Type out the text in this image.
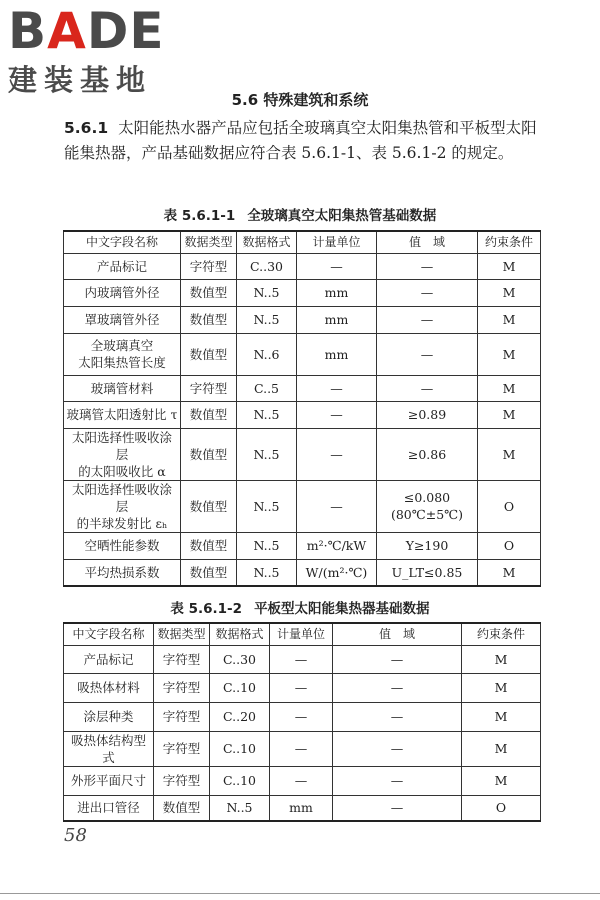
BADE
建装基地
5.6 特殊建筑和系统
5.6.1 太阳能热水器产品应包括全玻璃真空太阳集热管和平板型太阳能集热器，产品基础数据应符合表 5.6.1-1、表 5.6.1-2 的规定。
表 5.6.1-1 全玻璃真空太阳集热管基础数据
中文字段名称	数据类型	数据格式	计量单位	值　域	约束条件
产品标记	字符型	C..30	—	—	M
内玻璃管外径	数值型	N..5	mm	—	M
罩玻璃管外径	数值型	N..5	mm	—	M
全玻璃真空
太阳集热管长度	数值型	N..6	mm	—	M
玻璃管材料	字符型	C..5	—	—	M
玻璃管太阳透射比 τ	数值型	N..5	—	≥0.89	M
太阳选择性吸收涂层
的太阳吸收比 α	数值型	N..5	—	≥0.86	M
太阳选择性吸收涂层
的半球发射比 εₕ	数值型	N..5	—	≤0.080
(80℃±5℃)	O
空晒性能参数	数值型	N..5	m²·℃/kW	Y≥190	O
平均热损系数	数值型	N..5	W/(m²·℃)	U_LT≤0.85	M
表 5.6.1-2 平板型太阳能集热器基础数据
中文字段名称	数据类型	数据格式	计量单位	值　域	约束条件
产品标记	字符型	C..30	—	—	M
吸热体材料	字符型	C..10	—	—	M
涂层种类	字符型	C..20	—	—	M
吸热体结构型式	字符型	C..10	—	—	M
外形平面尺寸	字符型	C..10	—	—	M
进出口管径	数值型	N..5	mm	—	O
58
